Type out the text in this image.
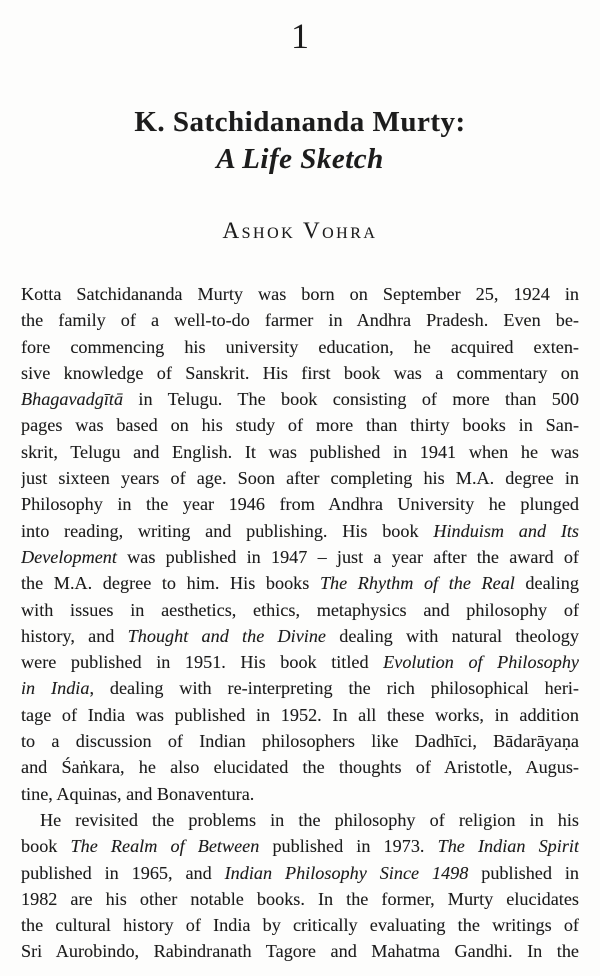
1
K. Satchidananda Murty:
A Life Sketch
Ashok Vohra
Kotta Satchidananda Murty was born on September 25, 1924 in
the family of a well-to-do farmer in Andhra Pradesh. Even be-
fore commencing his university education, he acquired exten-
sive knowledge of Sanskrit. His first book was a commentary on
Bhagavadgītā in Telugu. The book consisting of more than 500
pages was based on his study of more than thirty books in San-
skrit, Telugu and English. It was published in 1941 when he was
just sixteen years of age. Soon after completing his M.A. degree in
Philosophy in the year 1946 from Andhra University he plunged
into reading, writing and publishing. His book Hinduism and Its
Development was published in 1947 – just a year after the award of
the M.A. degree to him. His books The Rhythm of the Real dealing
with issues in aesthetics, ethics, metaphysics and philosophy of
history, and Thought and the Divine dealing with natural theology
were published in 1951. His book titled Evolution of Philosophy
in India, dealing with re-interpreting the rich philosophical heri-
tage of India was published in 1952. In all these works, in addition
to a discussion of Indian philosophers like Dadhīci, Bādarāyaṇa
and Śaṅkara, he also elucidated the thoughts of Aristotle, Augus-
tine, Aquinas, and Bonaventura.
He revisited the problems in the philosophy of religion in his
book The Realm of Between published in 1973. The Indian Spirit
published in 1965, and Indian Philosophy Since 1498 published in
1982 are his other notable books. In the former, Murty elucidates
the cultural history of India by critically evaluating the writings of
Sri Aurobindo, Rabindranath Tagore and Mahatma Gandhi. In the
